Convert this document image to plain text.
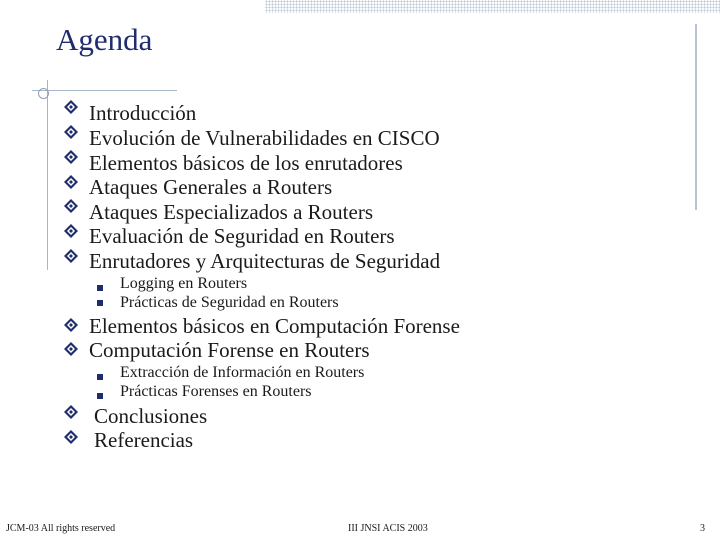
Agenda
Introducción
Evolución de Vulnerabilidades en CISCO
Elementos básicos de los enrutadores
Ataques Generales a Routers
Ataques Especializados a Routers
Evaluación de Seguridad en Routers
Enrutadores y Arquitecturas de Seguridad
Logging en Routers
Prácticas de Seguridad en Routers
Elementos básicos en Computación Forense
Computación Forense en Routers
Extracción de Información en Routers
Prácticas Forenses en Routers
Conclusiones
Referencias
JCM-03 All rights reserved	III JNSI ACIS 2003	3
